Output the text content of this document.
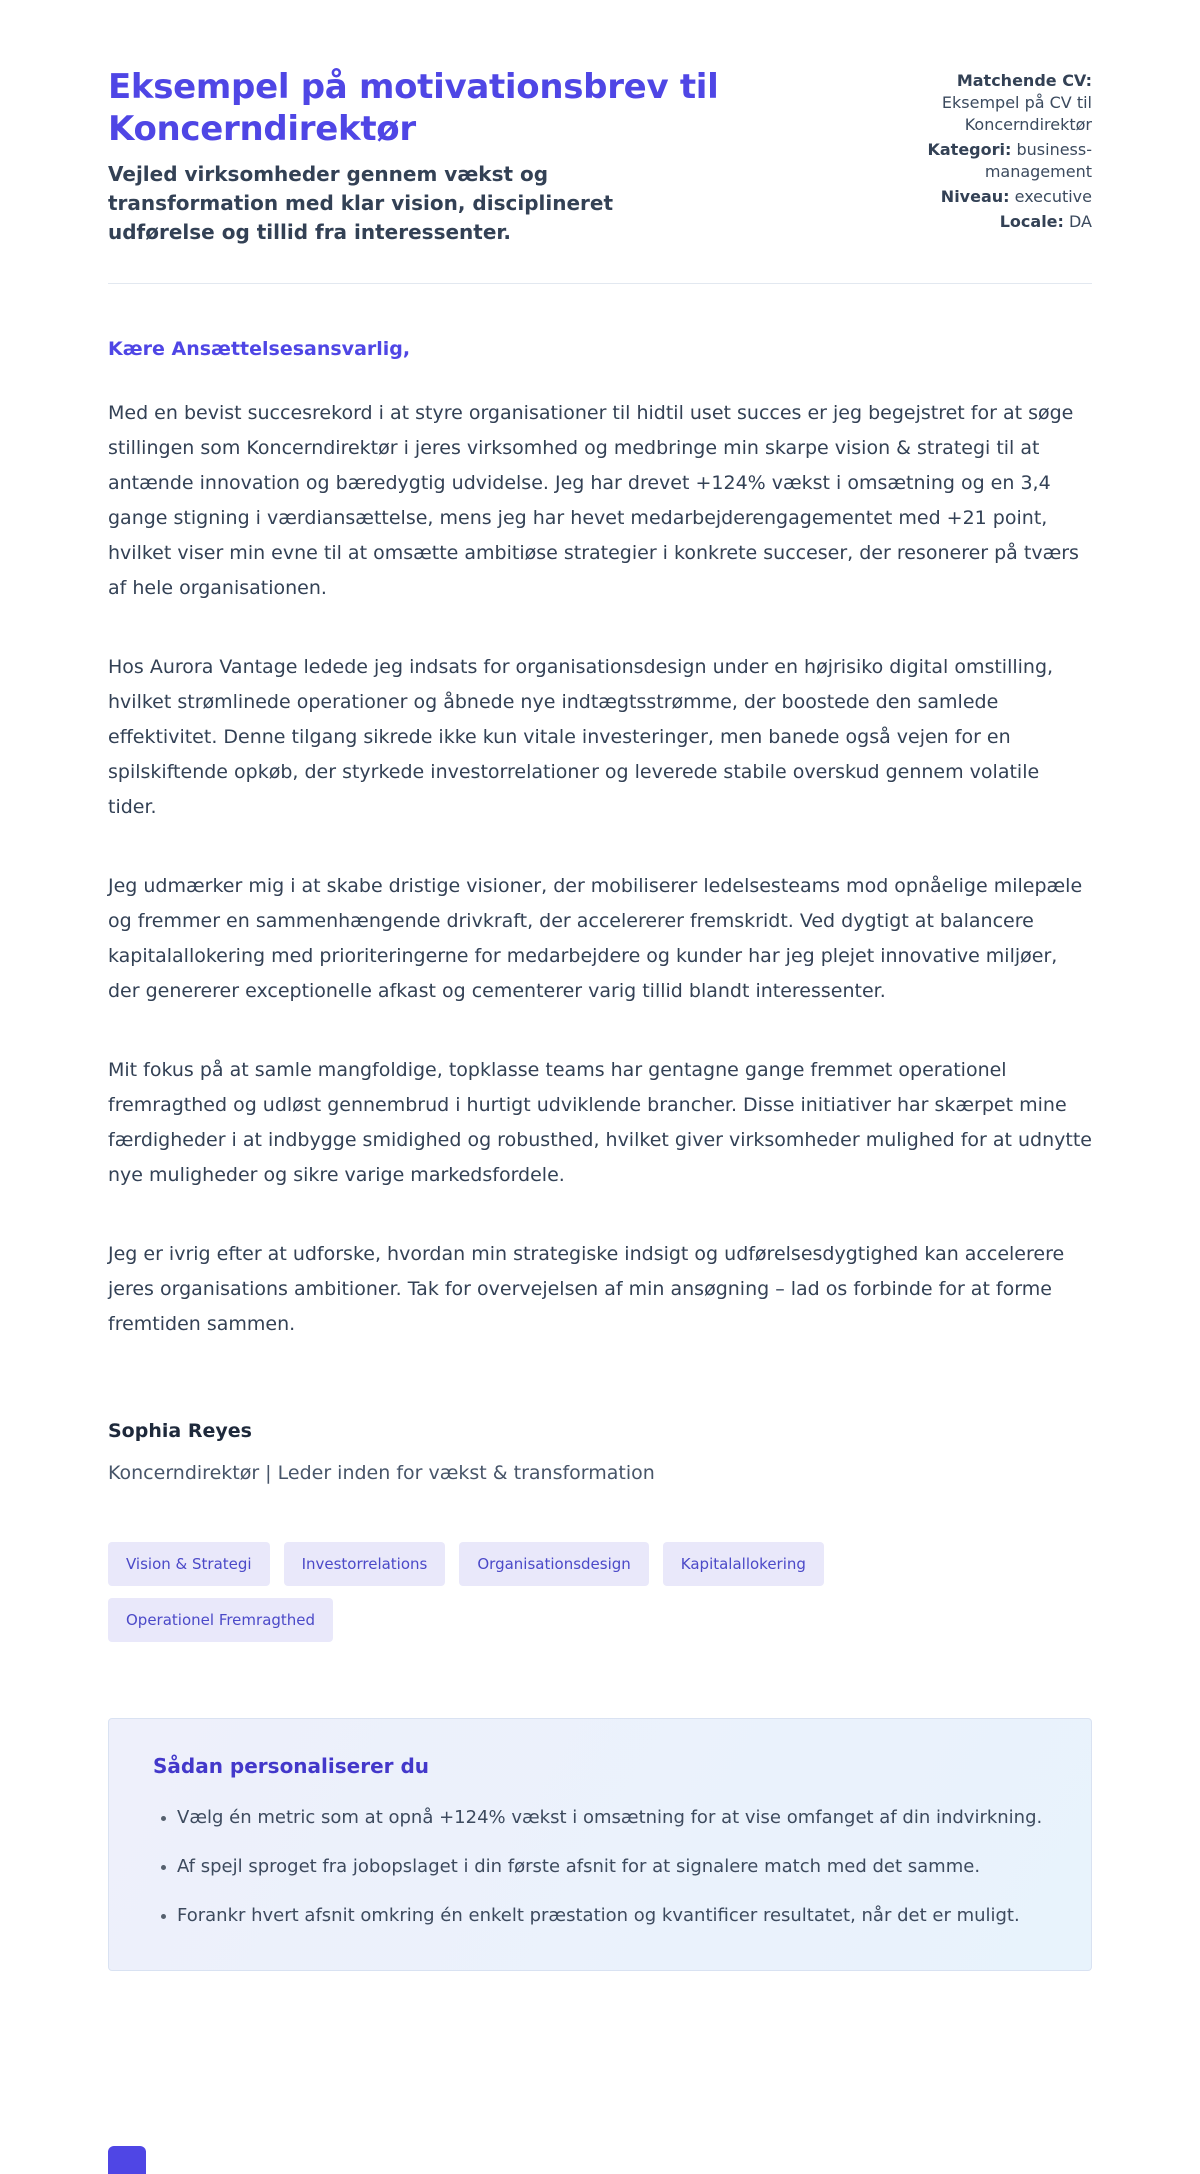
Eksempel på motivationsbrev til Koncerndirektør

Vejled virksomheder gennem vækst og transformation med klar vision, disciplineret udførelse og tillid fra interessenter.

Matchende CV:
Eksempel på CV til Koncerndirektør
Kategori: business-management
Niveau: executive
Locale: DA

Kære Ansættelsesansvarlig,

Med en bevist succesrekord i at styre organisationer til hidtil uset succes er jeg begejstret for at søge stillingen som Koncerndirektør i jeres virksomhed og medbringe min skarpe vision & strategi til at antænde innovation og bæredygtig udvidelse. Jeg har drevet +124% vækst i omsætning og en 3,4 gange stigning i værdiansættelse, mens jeg har hevet medarbejderengagementet med +21 point, hvilket viser min evne til at omsætte ambitiøse strategier i konkrete succeser, der resonerer på tværs af hele organisationen.

Hos Aurora Vantage ledede jeg indsats for organisationsdesign under en højrisiko digital omstilling, hvilket strømlinede operationer og åbnede nye indtægtsstrømme, der boostede den samlede effektivitet. Denne tilgang sikrede ikke kun vitale investeringer, men banede også vejen for en spilskiftende opkøb, der styrkede investorrelationer og leverede stabile overskud gennem volatile tider.

Jeg udmærker mig i at skabe dristige visioner, der mobiliserer ledelsesteams mod opnåelige milepæle og fremmer en sammenhængende drivkraft, der accelererer fremskridt. Ved dygtigt at balancere kapitalallokering med prioriteringerne for medarbejdere og kunder har jeg plejet innovative miljøer, der genererer exceptionelle afkast og cementerer varig tillid blandt interessenter.

Mit fokus på at samle mangfoldige, topklasse teams har gentagne gange fremmet operationel fremragthed og udløst gennembrud i hurtigt udviklende brancher. Disse initiativer har skærpet mine færdigheder i at indbygge smidighed og robusthed, hvilket giver virksomheder mulighed for at udnytte nye muligheder og sikre varige markedsfordele.

Jeg er ivrig efter at udforske, hvordan min strategiske indsigt og udførelsesdygtighed kan accelerere jeres organisations ambitioner. Tak for overvejelsen af min ansøgning – lad os forbinde for at forme fremtiden sammen.

Sophia Reyes
Koncerndirektør | Leder inden for vækst & transformation
Vision & Strategi	Investorrelations	Organisationsdesign	Kapitalallokering
Operationel Fremragthed
Sådan personaliserer du
• Vælg én metric som at opnå +124% vækst i omsætning for at vise omfanget af din indvirkning.
• Af spejl sproget fra jobopslaget i din første afsnit for at signalere match med det samme.
• Forankr hvert afsnit omkring én enkelt præstation og kvantificer resultatet, når det er muligt.
